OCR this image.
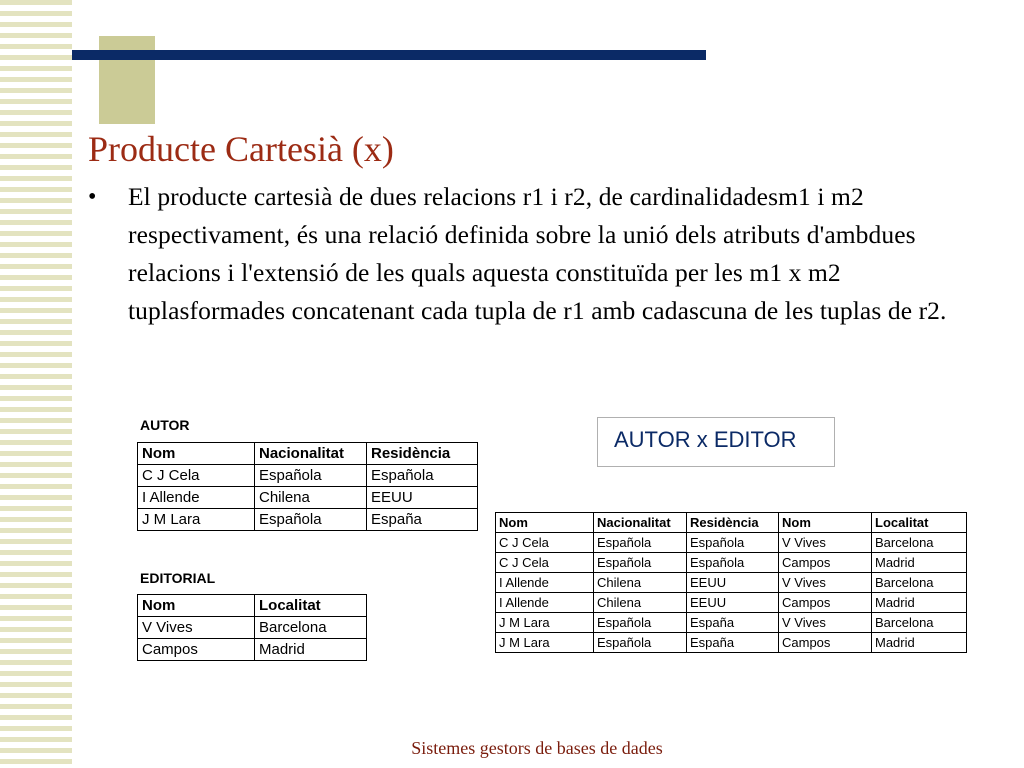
Producte Cartesià (x)
• El producte cartesià de dues relacions r1 i r2, de cardinalidadesm1 i m2 respectivament, és una relació definida sobre la unió dels atributs d'ambdues relacions i l'extensió de les quals aquesta constituïda per les m1 x m2 tuplasformades concatenant cada tupla de r1 amb cadascuna de les tuplas de r2.

AUTOR
Nom	Nacionalitat	Residència
C J Cela	Española	Española
I Allende	Chilena	EEUU
J M Lara	Española	España
EDITORIAL
Nom	Localitat
V Vives	Barcelona
Campos	Madrid
AUTOR x EDITOR
Nom	Nacionalitat	Residència	Nom	Localitat
C J Cela	Española	Española	V Vives	Barcelona
C J Cela	Española	Española	Campos	Madrid
I Allende	Chilena	EEUU	V Vives	Barcelona
I Allende	Chilena	EEUU	Campos	Madrid
J M Lara	Española	España	V Vives	Barcelona
J M Lara	Española	España	Campos	Madrid
Sistemes gestors de bases de dades
